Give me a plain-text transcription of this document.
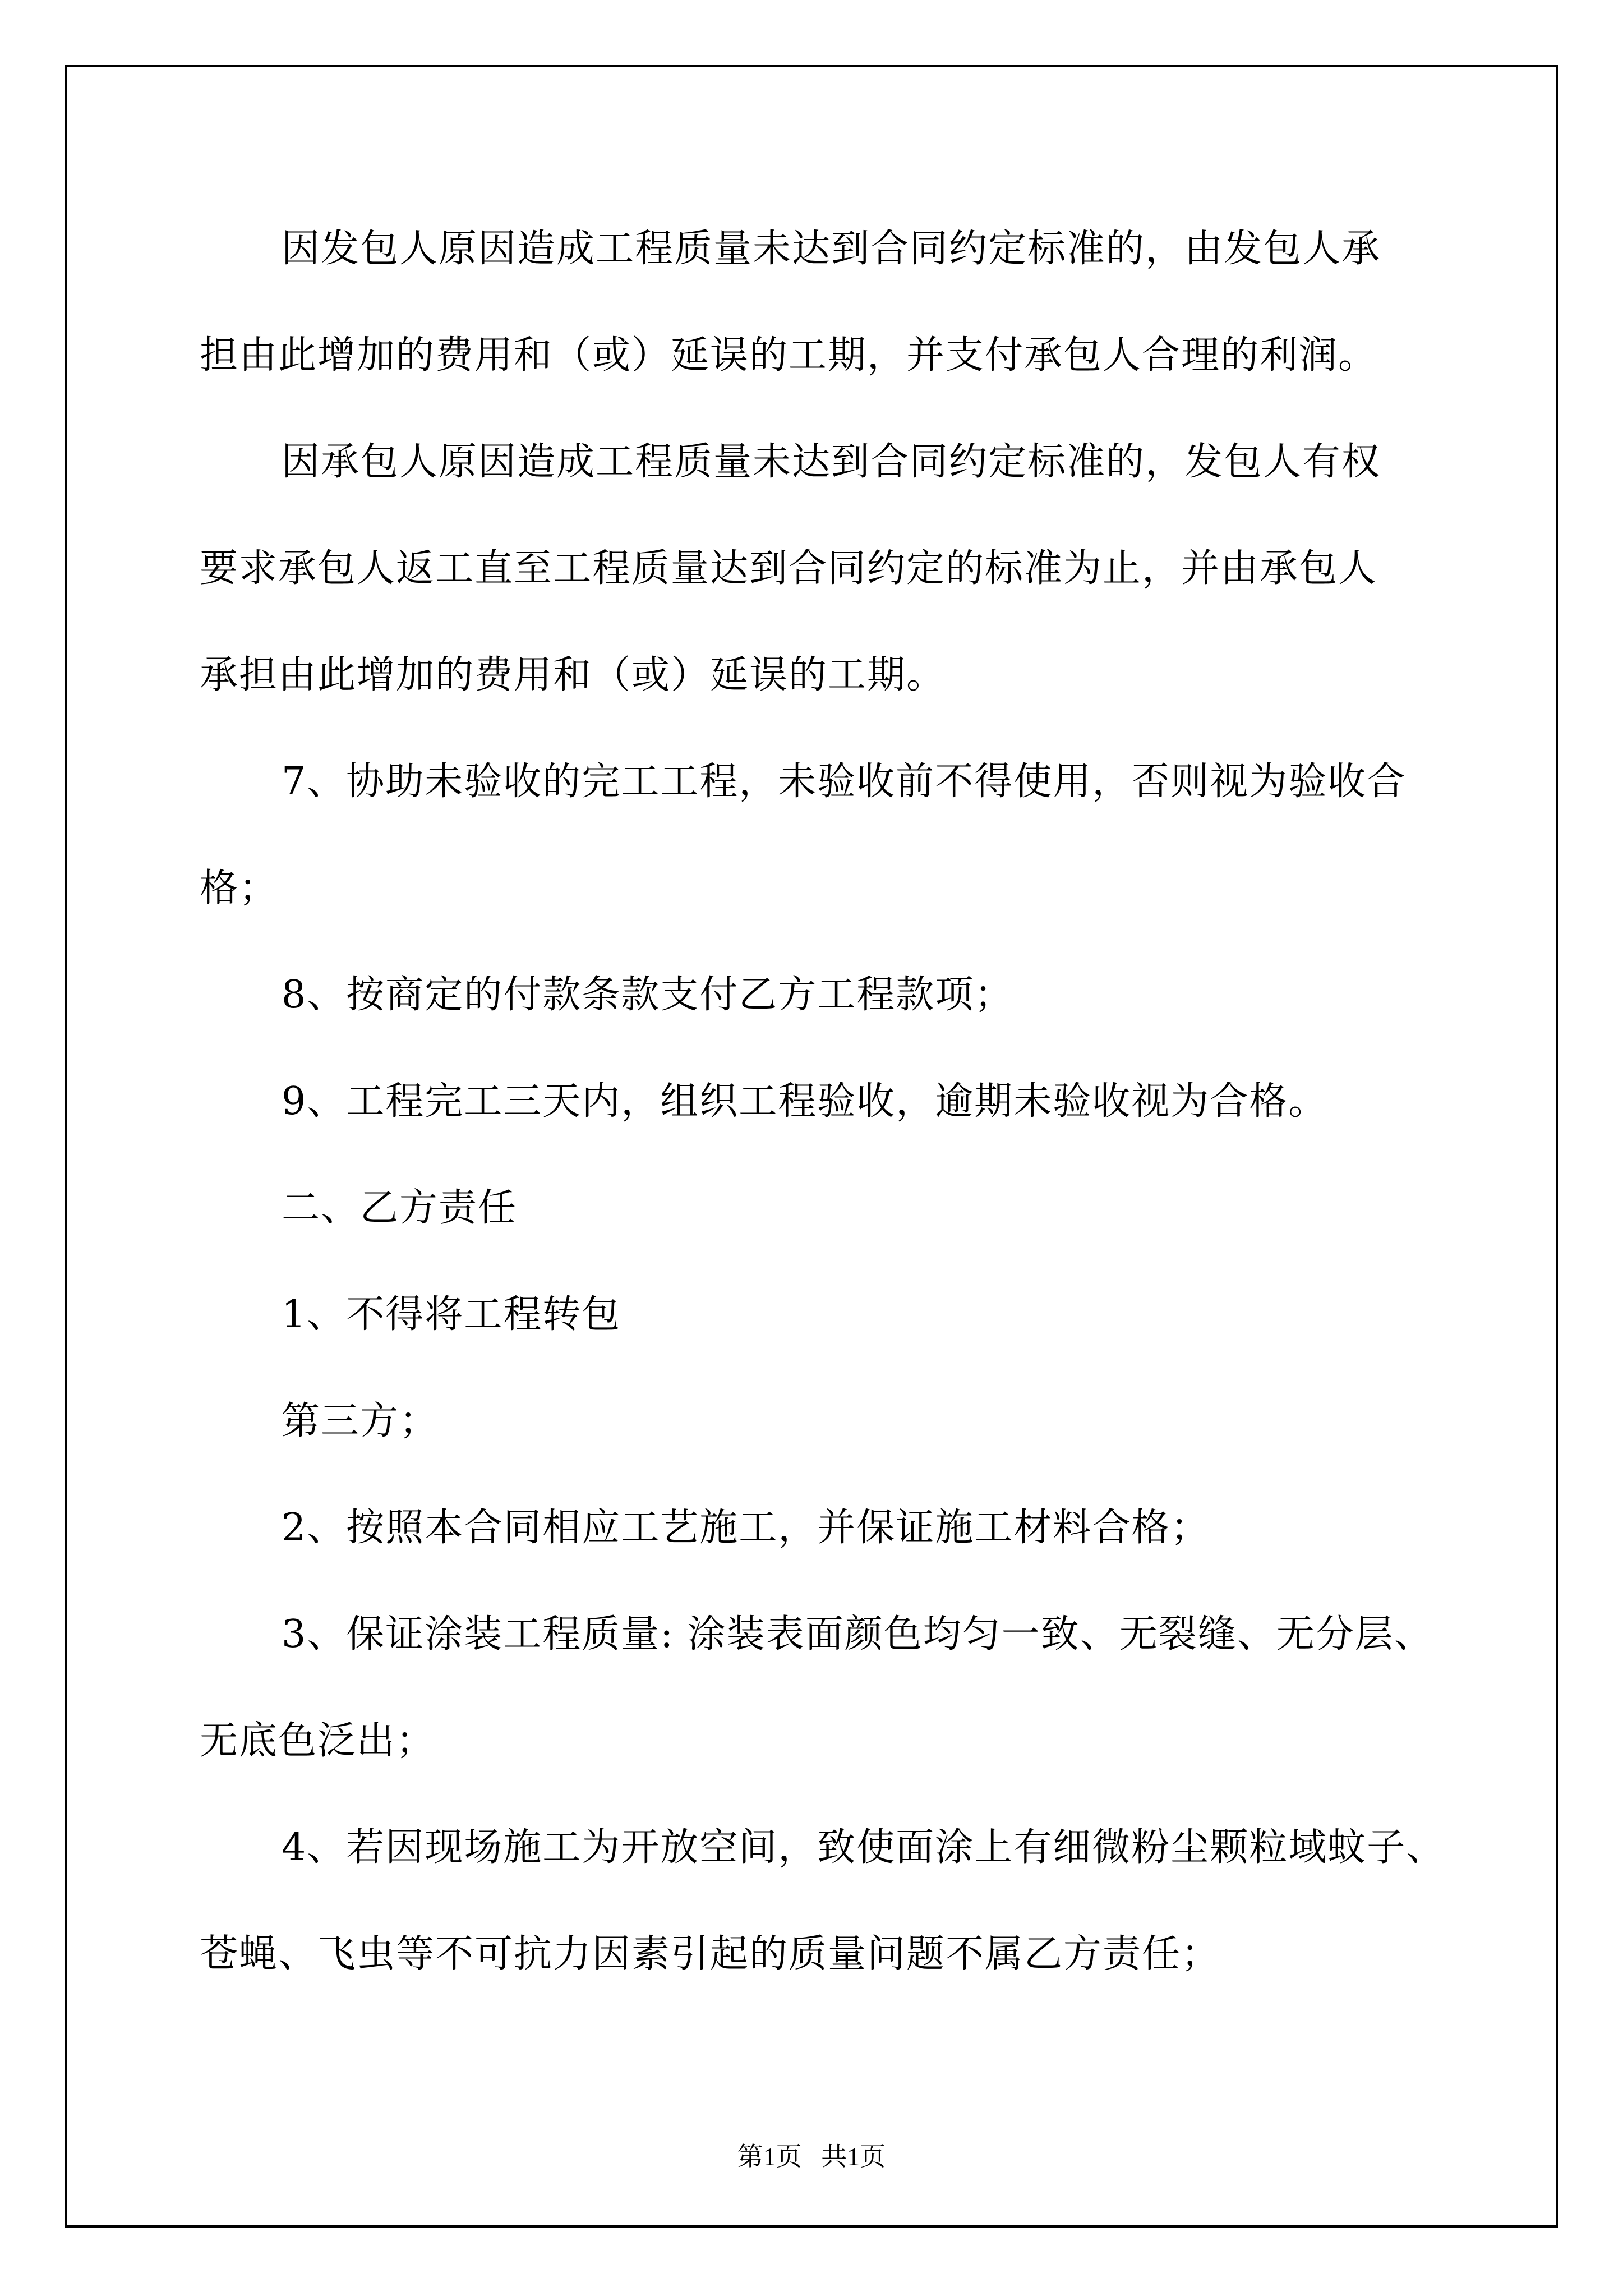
因发包人原因造成工程质量未达到合同约定标准的，由发包人承
担由此增加的费用和（或）延误的工期，并支付承包人合理的利润。
因承包人原因造成工程质量未达到合同约定标准的，发包人有权
要求承包人返工直至工程质量达到合同约定的标准为止，并由承包人
承担由此增加的费用和（或）延误的工期。
7、协助未验收的完工工程，未验收前不得使用，否则视为验收合
格；
8、按商定的付款条款支付乙方工程款项；
9、工程完工三天内，组织工程验收，逾期未验收视为合格。
二、乙方责任
1、不得将工程转包
第三方；
2、按照本合同相应工艺施工，并保证施工材料合格；
3、保证涂装工程质量: 涂装表面颜色均匀一致、无裂缝、无分层、
无底色泛出；
4、若因现场施工为开放空间，致使面涂上有细微粉尘颗粒域蚊子、
苍蝇、飞虫等不可抗力因素引起的质量问题不属乙方责任；
第1页   共1页
